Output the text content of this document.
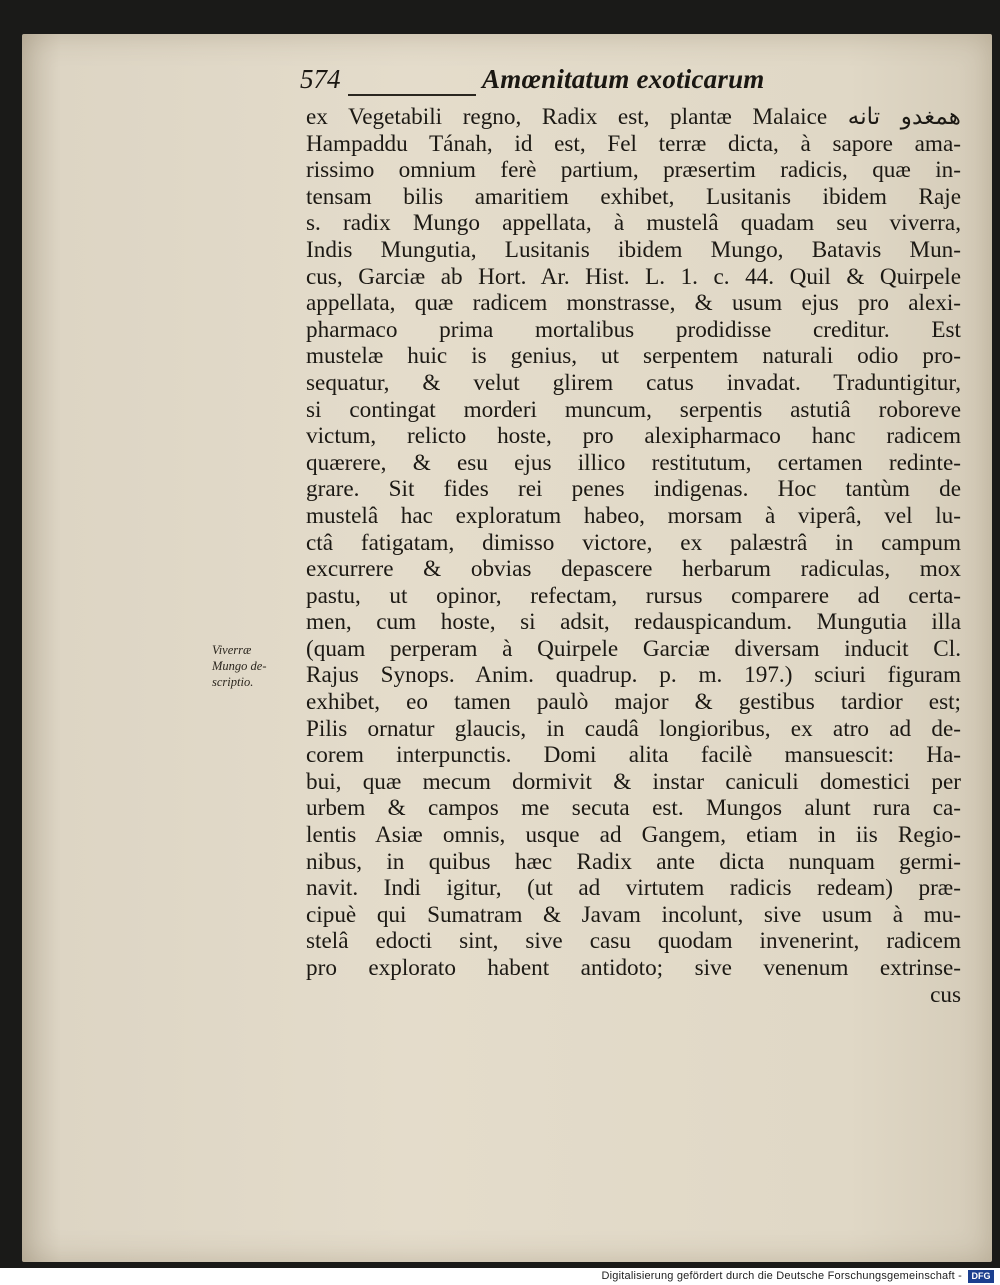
574	Amœnitatum exoticarum
Viverræ
Mungo de-
scriptio.
ex Vegetabili regno, Radix est, plantæ Malaice ﻫﻤﻐﺪو ﺗﺎﻧﻪ
Hampaddu Tánah, id est, Fel terræ dicta, à sapore ama-
rissimo omnium ferè partium, præsertim radicis, quæ in-
tensam bilis amaritiem exhibet, Lusitanis ibidem Raje
s. radix Mungo appellata, à mustelâ quadam seu viverra,
Indis Mungutia, Lusitanis ibidem Mungo, Batavis Mun-
cus, Garciæ ab Hort. Ar. Hist. L. 1. c. 44. Quil & Quirpele
appellata, quæ radicem monstrasse, & usum ejus pro alexi-
pharmaco prima mortalibus prodidisse creditur. Est
mustelæ huic is genius, ut serpentem naturali odio pro-
sequatur, & velut glirem catus invadat. Traduntigitur,
si contingat morderi muncum, serpentis astutiâ roboreve
victum, relicto hoste, pro alexipharmaco hanc radicem
quærere, & esu ejus illico restitutum, certamen redinte-
grare. Sit fides rei penes indigenas. Hoc tantùm de
mustelâ hac exploratum habeo, morsam à viperâ, vel lu-
ctâ fatigatam, dimisso victore, ex palæstrâ in campum
excurrere & obvias depascere herbarum radiculas, mox
pastu, ut opinor, refectam, rursus comparere ad certa-
men, cum hoste, si adsit, redauspicandum. Mungutia illa
(quam perperam à Quirpele Garciæ diversam inducit Cl.
Rajus Synops. Anim. quadrup. p. m. 197.) sciuri figuram
exhibet, eo tamen paulò major & gestibus tardior est;
Pilis ornatur glaucis, in caudâ longioribus, ex atro ad de-
corem interpunctis. Domi alita facilè mansuescit: Ha-
bui, quæ mecum dormivit & instar caniculi domestici per
urbem & campos me secuta est. Mungos alunt rura ca-
lentis Asiæ omnis, usque ad Gangem, etiam in iis Regio-
nibus, in quibus hæc Radix ante dicta nunquam germi-
navit. Indi igitur, (ut ad virtutem radicis redeam) præ-
cipuè qui Sumatram & Javam incolunt, sive usum à mu-
stelâ edocti sint, sive casu quodam invenerint, radicem
pro explorato habent antidoto; sive venenum extrinse-
cus
Digitalisierung gefördert durch die Deutsche Forschungsgemeinschaft -	DFG
